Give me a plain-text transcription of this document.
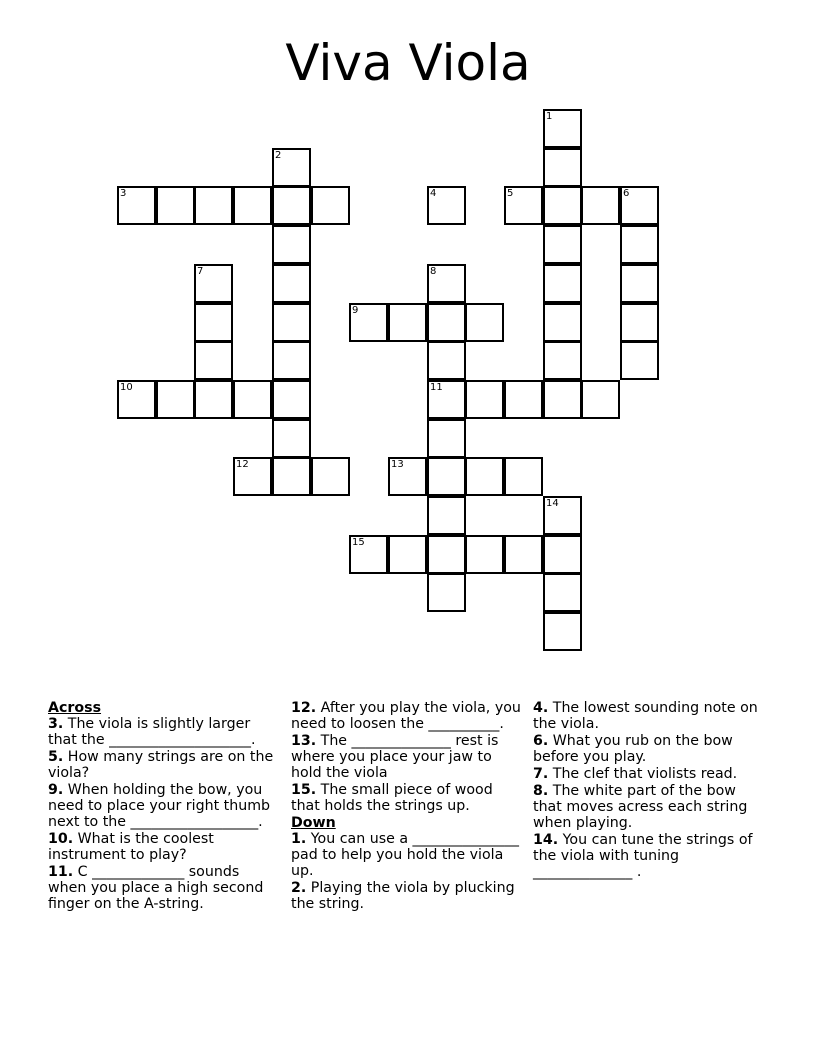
Viva Viola
1
2
3	4	5	6
7	8
9
10	11
12	13
14
15
Across
3. The viola is slightly larger that the ____________________.
5. How many strings are on the viola?
9. When holding the bow, you need to place your right thumb next to the __________________.
10. What is the coolest instrument to play?
11. C _____________ sounds when you place a high second finger on the A-string.
12. After you play the viola, you need to loosen the __________.
13. The ______________ rest is where you place your jaw to hold the viola
15. The small piece of wood that holds the strings up.
Down
1. You can use a _______________ pad to help you hold the viola up.
2. Playing the viola by plucking the string.
4. The lowest sounding note on the viola.
6. What you rub on the bow before you play.
7. The clef that violists read.
8. The white part of the bow that moves acress each string when playing.
14. You can tune the strings of the viola with tuning ______________ .
